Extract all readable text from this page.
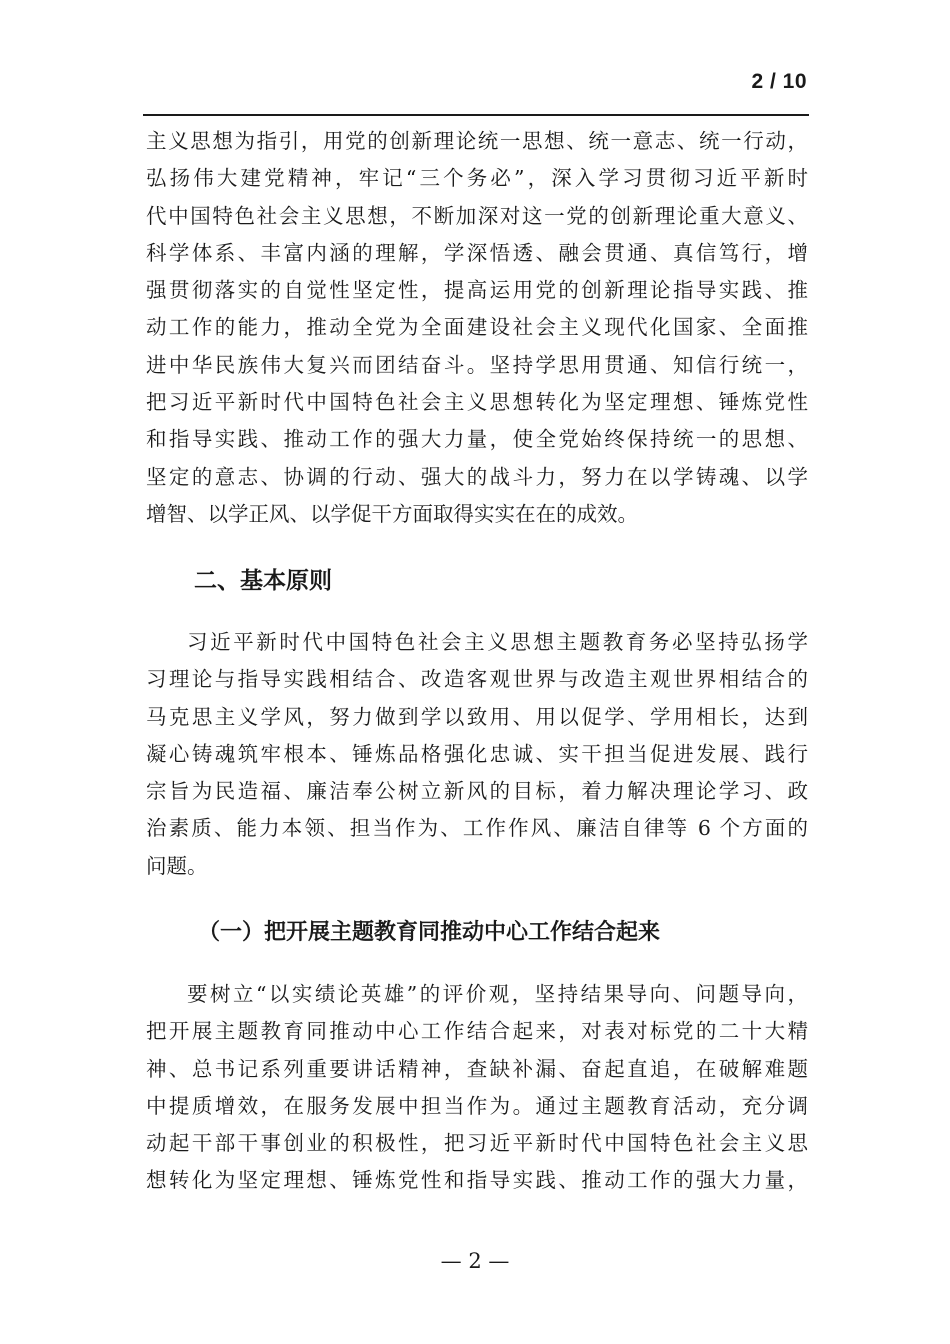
2 / 10
主义思想为指引，用党的创新理论统一思想、统一意志、统一行动，
弘扬伟大建党精神，牢记“三个务必”，深入学习贯彻习近平新时
代中国特色社会主义思想，不断加深对这一党的创新理论重大意义、
科学体系、丰富内涵的理解，学深悟透、融会贯通、真信笃行，增
强贯彻落实的自觉性坚定性，提高运用党的创新理论指导实践、推
动工作的能力，推动全党为全面建设社会主义现代化国家、全面推
进中华民族伟大复兴而团结奋斗。坚持学思用贯通、知信行统一，
把习近平新时代中国特色社会主义思想转化为坚定理想、锤炼党性
和指导实践、推动工作的强大力量，使全党始终保持统一的思想、
坚定的意志、协调的行动、强大的战斗力，努力在以学铸魂、以学
增智、以学正风、以学促干方面取得实实在在的成效。
二、基本原则
习近平新时代中国特色社会主义思想主题教育务必坚持弘扬学
习理论与指导实践相结合、改造客观世界与改造主观世界相结合的
马克思主义学风，努力做到学以致用、用以促学、学用相长，达到
凝心铸魂筑牢根本、锤炼品格强化忠诚、实干担当促进发展、践行
宗旨为民造福、廉洁奉公树立新风的目标，着力解决理论学习、政
治素质、能力本领、担当作为、工作作风、廉洁自律等 6 个方面的
问题。
（一）把开展主题教育同推动中心工作结合起来
要树立“以实绩论英雄”的评价观，坚持结果导向、问题导向，
把开展主题教育同推动中心工作结合起来，对表对标党的二十大精
神、总书记系列重要讲话精神，查缺补漏、奋起直追，在破解难题
中提质增效，在服务发展中担当作为。通过主题教育活动，充分调
动起干部干事创业的积极性，把习近平新时代中国特色社会主义思
想转化为坚定理想、锤炼党性和指导实践、推动工作的强大力量，
— 2 —
